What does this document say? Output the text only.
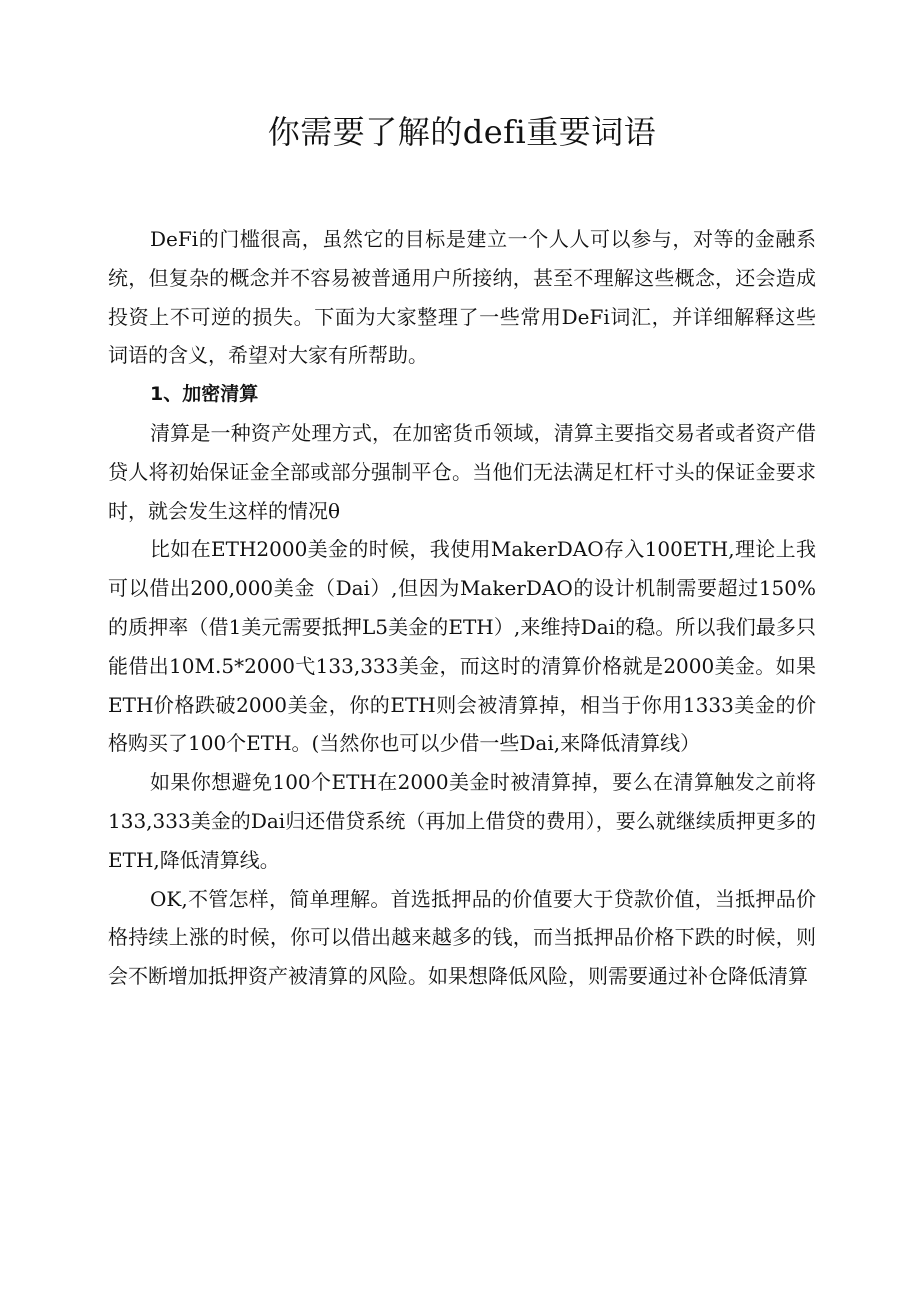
你需要了解的defi重要词语

DeFi的门槛很高，虽然它的目标是建立一个人人可以参与，对等的金融系统，但复杂的概念并不容易被普通用户所接纳，甚至不理解这些概念，还会造成投资上不可逆的损失。下面为大家整理了一些常用DeFi词汇，并详细解释这些词语的含义，希望对大家有所帮助。

1、加密清算

清算是一种资产处理方式，在加密货币领域，清算主要指交易者或者资产借贷人将初始保证金全部或部分强制平仓。当他们无法满足杠杆寸头的保证金要求时，就会发生这样的情况θ

比如在ETH2000美金的时候，我使用MakerDAO存入100ETH,理论上我可以借出200,000美金（Dai）,但因为MakerDAO的设计机制需要超过150%的质押率（借1美元需要抵押L5美金的ETH）,来维持Dai的稳。所以我们最多只能借出10M.5*2000弋133,333美金，而这时的清算价格就是2000美金。如果ETH价格跌破2000美金，你的ETH则会被清算掉，相当于你用1333美金的价格购买了100个ETH。(当然你也可以少借一些Dai,来降低清算线）

如果你想避免100个ETH在2000美金时被清算掉，要么在清算触发之前将133,333美金的Dai归还借贷系统（再加上借贷的费用），要么就继续质押更多的ETH,降低清算线。

OK,不管怎样，简单理解。首选抵押品的价值要大于贷款价值，当抵押品价格持续上涨的时候，你可以借出越来越多的钱，而当抵押品价格下跌的时候，则会不断增加抵押资产被清算的风险。如果想降低风险，则需要通过补仓降低清算
